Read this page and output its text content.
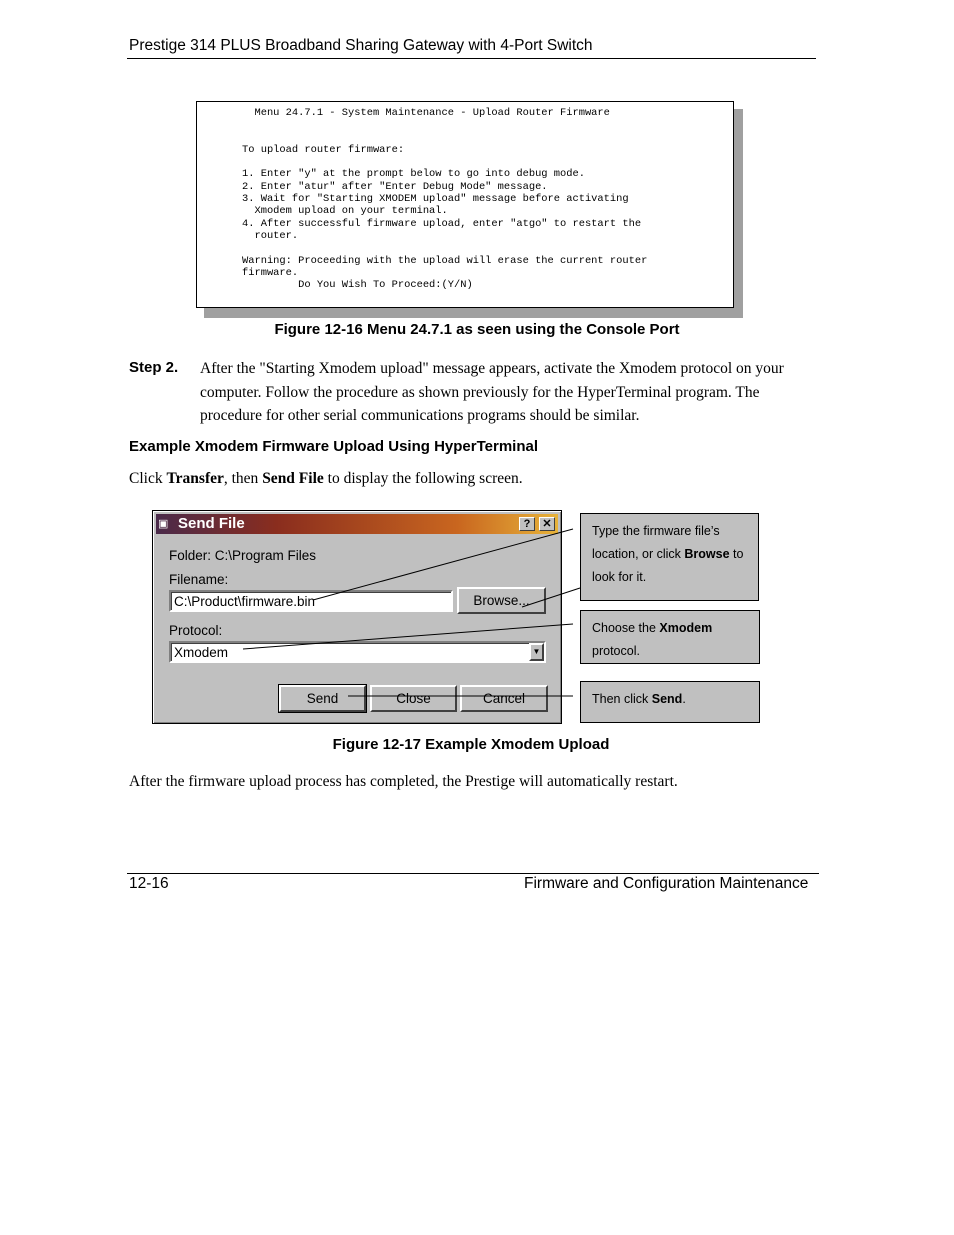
Prestige 314 PLUS Broadband Sharing Gateway with 4-Port Switch
Menu 24.7.1 - System Maintenance - Upload Router Firmware

To upload router firmware:

1. Enter "y" at the prompt below to go into debug mode.
2. Enter "atur" after "Enter Debug Mode" message.
3. Wait for "Starting XMODEM upload" message before activating
Xmodem upload on your terminal.
4. After successful firmware upload, enter "atgo" to restart the
router.

Warning: Proceeding with the upload will erase the current router
firmware.
Do You Wish To Proceed:(Y/N)
Figure 12-16 Menu 24.7.1 as seen using the Console Port
Step 2. After the "Starting Xmodem upload" message appears, activate the Xmodem protocol on your computer. Follow the procedure as shown previously for the HyperTerminal program. The procedure for other serial communications programs should be similar.
Example Xmodem Firmware Upload Using HyperTerminal
Click Transfer, then Send File to display the following screen.
▣ Send File	?	✕
Folder: C:\Program Files
Filename:
C:\Product\firmware.bin	Browse...
Protocol:
Xmodem	▼
Send	Close	Cancel
Type the firmware file’s location, or click Browse to look for it.
Choose the Xmodem protocol.
Then click Send.
Figure 12-17 Example Xmodem Upload
After the firmware upload process has completed, the Prestige will automatically restart.
12-16	Firmware and Configuration Maintenance
